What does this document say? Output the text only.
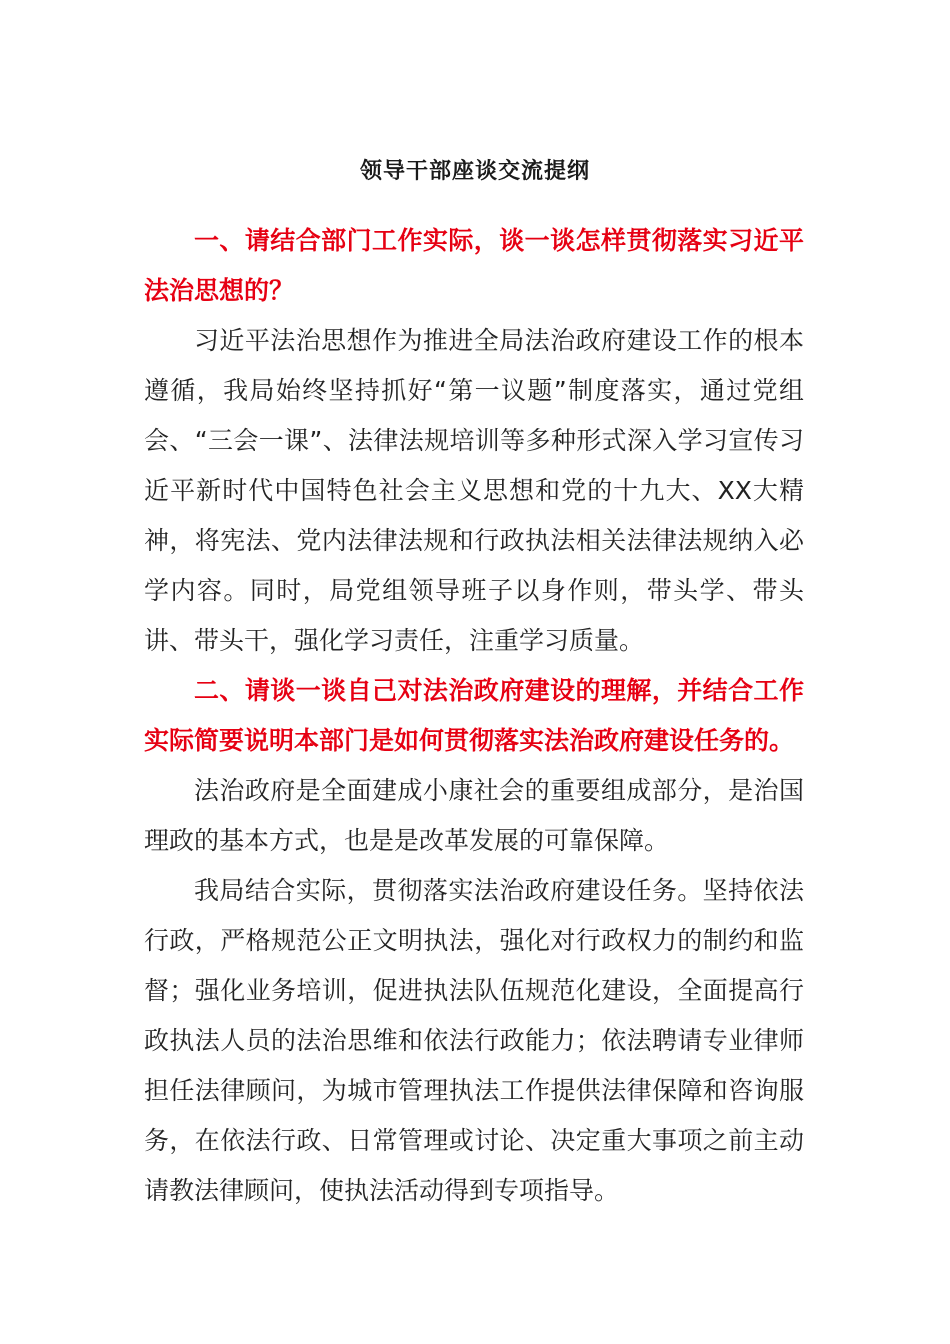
领导干部座谈交流提纲

一、请结合部门工作实际，谈一谈怎样贯彻落实习近平法治思想的？

习近平法治思想作为推进全局法治政府建设工作的根本遵循，我局始终坚持抓好“第一议题”制度落实，通过党组会、“三会一课”、法律法规培训等多种形式深入学习宣传习近平新时代中国特色社会主义思想和党的十九大、XX大精神，将宪法、党内法律法规和行政执法相关法律法规纳入必学内容。同时，局党组领导班子以身作则，带头学、带头讲、带头干，强化学习责任，注重学习质量。

二、请谈一谈自己对法治政府建设的理解，并结合工作实际简要说明本部门是如何贯彻落实法治政府建设任务的。

法治政府是全面建成小康社会的重要组成部分，是治国理政的基本方式，也是是改革发展的可靠保障。

我局结合实际，贯彻落实法治政府建设任务。坚持依法行政，严格规范公正文明执法，强化对行政权力的制约和监督；强化业务培训，促进执法队伍规范化建设，全面提高行政执法人员的法治思维和依法行政能力；依法聘请专业律师担任法律顾问，为城市管理执法工作提供法律保障和咨询服务，在依法行政、日常管理或讨论、决定重大事项之前主动请教法律顾问，使执法活动得到专项指导。
